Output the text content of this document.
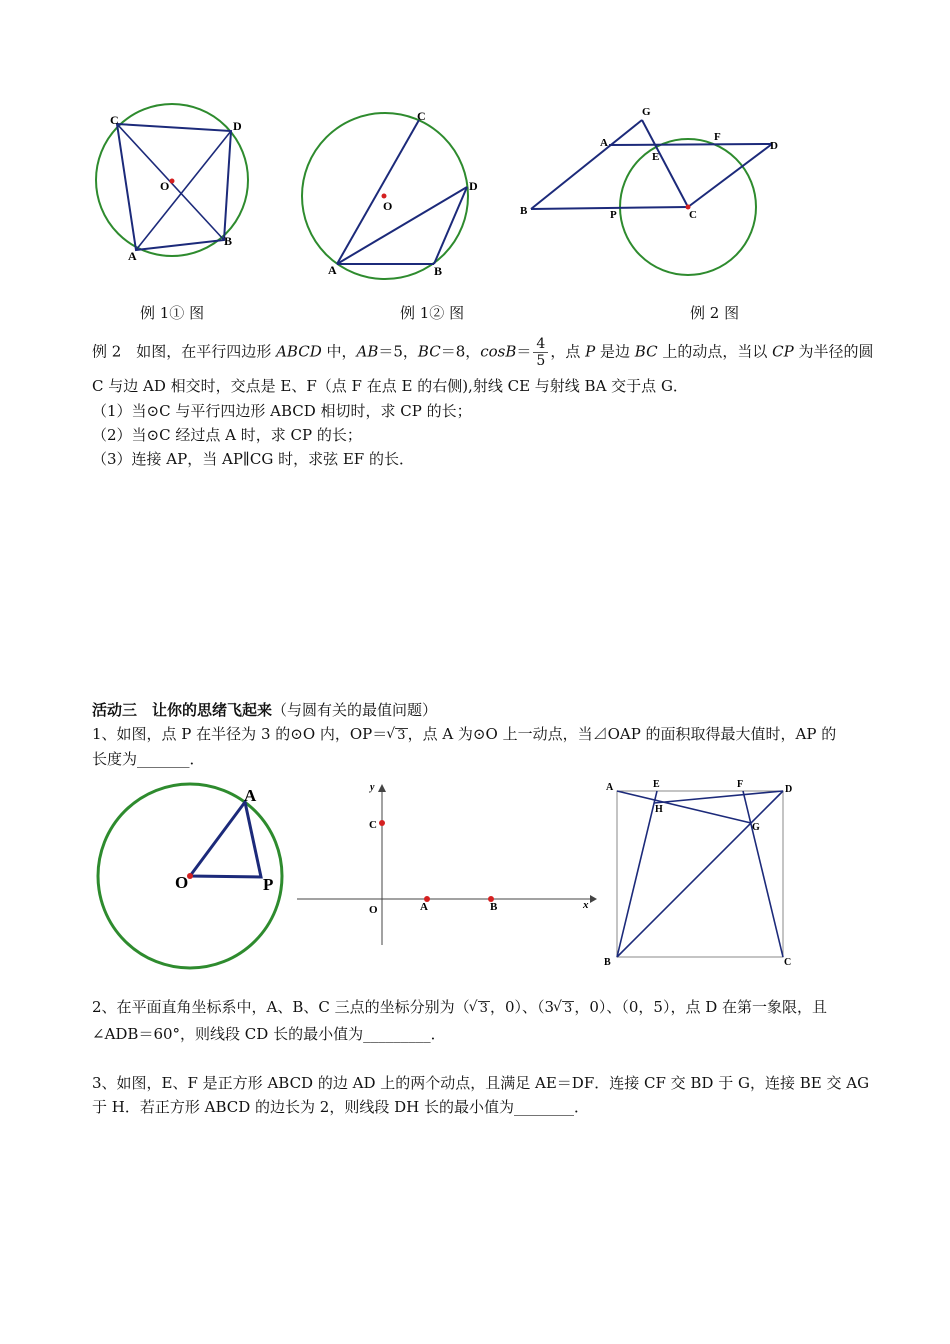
C	D
O
A
B
C
D
O
A	B
G
A	F
D
E
B	P	C
例 1① 图	例 1② 图	例 2 图
例 2　如图，在平行四边形 ABCD 中，AB＝5，BC＝8，$\cos B= \frac{4}{5}$ ，点 P 是边 BC 上的动点，当以 CP 为半径的圆
C 与边 AD 相交时，交点是 E、F（点 F 在点 E 的右侧),射线 CE 与射线 BA 交于点 G．
（1）当⊙C 与平行四边形 ABCD 相切时，求 CP 的长；
（2）当⊙C 经过点 A 时，求 CP 的长；
（3）连接 AP，当 AP∥CG 时，求弦 EF 的长．
活动三　让你的思绪飞起来（与圆有关的最值问题）
1、如图，点 P 在半径为 3 的⊙O 内，OP＝ √ 3 ，点 A 为⊙O 上一动点，当⊿OAP 的面积取得最大值时，AP 的
长度为_______．
A
O	P
y
C
O	A	B	x
A	E	F	D
H
G
B	C
2、在平面直角坐标系中，A、B、C 三点的坐标分别为（ √ 3 ，0）、（3 √ 3 ，0）、（0，5），点 D 在第一象限，且
∠ADB＝60°，则线段 CD 长的最小值为_________．
3、如图，E、F 是正方形 ABCD 的边 AD 上的两个动点，且满足 AE＝DF．连接 CF 交 BD 于 G，连接 BE 交 AG
于 H．若正方形 ABCD 的边长为 2，则线段 DH 长的最小值为________．
